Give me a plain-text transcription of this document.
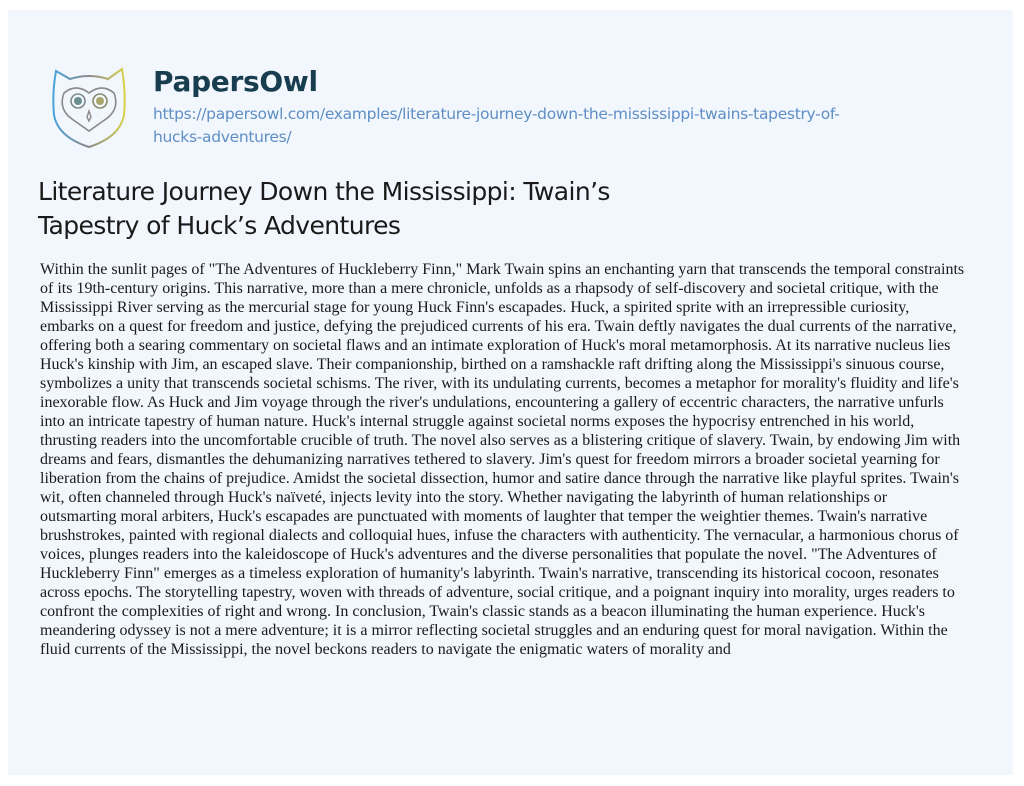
PapersOwl

https://papersowl.com/examples/literature-journey-down-the-mississippi-twains-tapestry-of-
hucks-adventures/
Literature Journey Down the Mississippi: Twain’s
Tapestry of Huck’s Adventures

Within the sunlit pages of "The Adventures of Huckleberry Finn," Mark Twain spins an enchanting yarn that transcends the temporal constraints
of its 19th-century origins. This narrative, more than a mere chronicle, unfolds as a rhapsody of self-discovery and societal critique, with the
Mississippi River serving as the mercurial stage for young Huck Finn's escapades. Huck, a spirited sprite with an irrepressible curiosity,
embarks on a quest for freedom and justice, defying the prejudiced currents of his era. Twain deftly navigates the dual currents of the narrative,
offering both a searing commentary on societal flaws and an intimate exploration of Huck's moral metamorphosis. At its narrative nucleus lies
Huck's kinship with Jim, an escaped slave. Their companionship, birthed on a ramshackle raft drifting along the Mississippi's sinuous course,
symbolizes a unity that transcends societal schisms. The river, with its undulating currents, becomes a metaphor for morality's fluidity and life's
inexorable flow. As Huck and Jim voyage through the river's undulations, encountering a gallery of eccentric characters, the narrative unfurls
into an intricate tapestry of human nature. Huck's internal struggle against societal norms exposes the hypocrisy entrenched in his world,
thrusting readers into the uncomfortable crucible of truth. The novel also serves as a blistering critique of slavery. Twain, by endowing Jim with
dreams and fears, dismantles the dehumanizing narratives tethered to slavery. Jim's quest for freedom mirrors a broader societal yearning for
liberation from the chains of prejudice. Amidst the societal dissection, humor and satire dance through the narrative like playful sprites. Twain's
wit, often channeled through Huck's naïveté, injects levity into the story. Whether navigating the labyrinth of human relationships or
outsmarting moral arbiters, Huck's escapades are punctuated with moments of laughter that temper the weightier themes. Twain's narrative
brushstrokes, painted with regional dialects and colloquial hues, infuse the characters with authenticity. The vernacular, a harmonious chorus of
voices, plunges readers into the kaleidoscope of Huck's adventures and the diverse personalities that populate the novel. "The Adventures of
Huckleberry Finn" emerges as a timeless exploration of humanity's labyrinth. Twain's narrative, transcending its historical cocoon, resonates
across epochs. The storytelling tapestry, woven with threads of adventure, social critique, and a poignant inquiry into morality, urges readers to
confront the complexities of right and wrong. In conclusion, Twain's classic stands as a beacon illuminating the human experience. Huck's
meandering odyssey is not a mere adventure; it is a mirror reflecting societal struggles and an enduring quest for moral navigation. Within the
fluid currents of the Mississippi, the novel beckons readers to navigate the enigmatic waters of morality and
